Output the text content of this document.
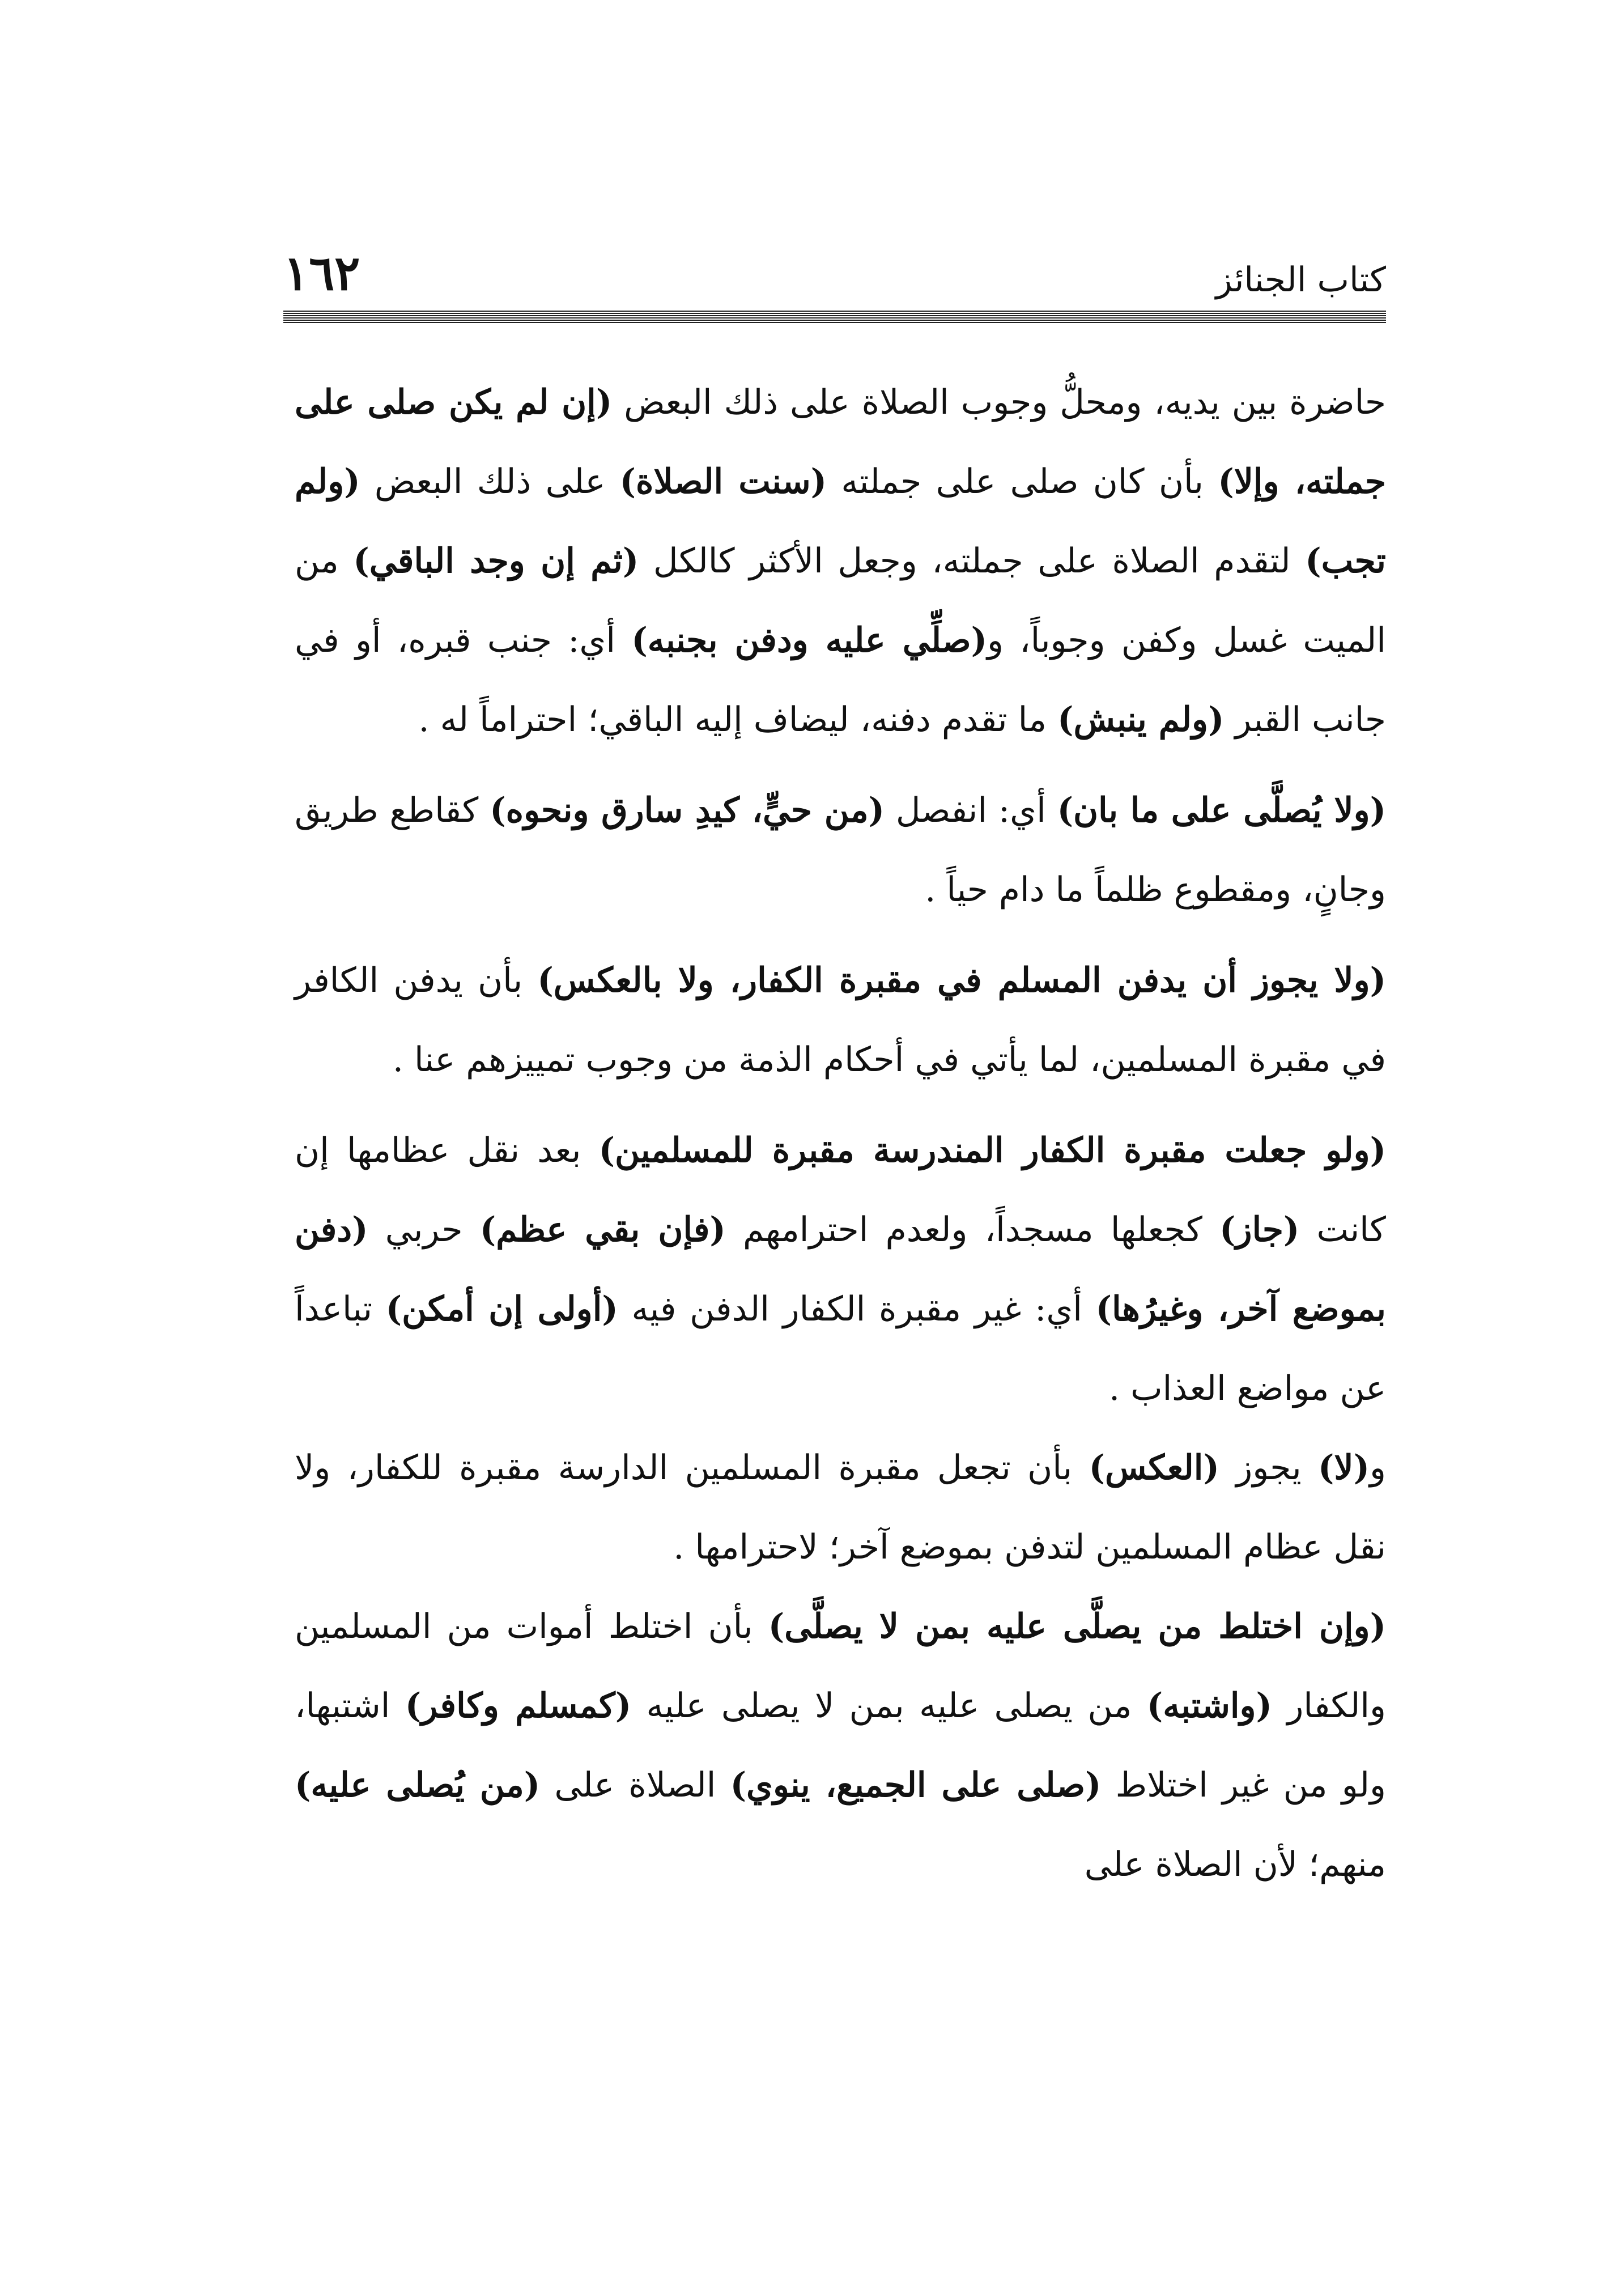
١٦٢	كتاب الجنائز

حاضرة بين يديه، ومحلُّ وجوب الصلاة على ذلك البعض (إن لم يكن صلى على جملته، وإلا) بأن كان صلى على جملته (سنت الصلاة) على ذلك البعض (ولم تجب) لتقدم الصلاة على جملته، وجعل الأكثر كالكل (ثم إن وجد الباقي) من الميت غسل وكفن وجوباً، و(صلِّي عليه ودفن بجنبه) أي: جنب قبره، أو في جانب القبر (ولم ينبش) ما تقدم دفنه، ليضاف إليه الباقي؛ احتراماً له .

(ولا يُصلَّى على ما بان) أي: انفصل (من حيٍّ، كيدِ سارق ونحوه) كقاطع طريق وجانٍ، ومقطوع ظلماً ما دام حياً .

(ولا يجوز أن يدفن المسلم في مقبرة الكفار، ولا بالعكس) بأن يدفن الكافر في مقبرة المسلمين، لما يأتي في أحكام الذمة من وجوب تمييزهم عنا .

(ولو جعلت مقبرة الكفار المندرسة مقبرة للمسلمين) بعد نقل عظامها إن كانت (جاز) كجعلها مسجداً، ولعدم احترامهم (فإن بقي عظم) حربي (دفن بموضع آخر، وغيرُها) أي: غير مقبرة الكفار الدفن فيه (أولى إن أمكن) تباعداً عن مواضع العذاب .

و(لا) يجوز (العكس) بأن تجعل مقبرة المسلمين الدارسة مقبرة للكفار، ولا نقل عظام المسلمين لتدفن بموضع آخر؛ لاحترامها .

(وإن اختلط من يصلَّى عليه بمن لا يصلَّى) بأن اختلط أموات من المسلمين والكفار (واشتبه) من يصلى عليه بمن لا يصلى عليه (كمسلم وكافر) اشتبها، ولو من غير اختلاط (صلى على الجميع، ينوي) الصلاة على (من يُصلى عليه) منهم؛ لأن الصلاة على
